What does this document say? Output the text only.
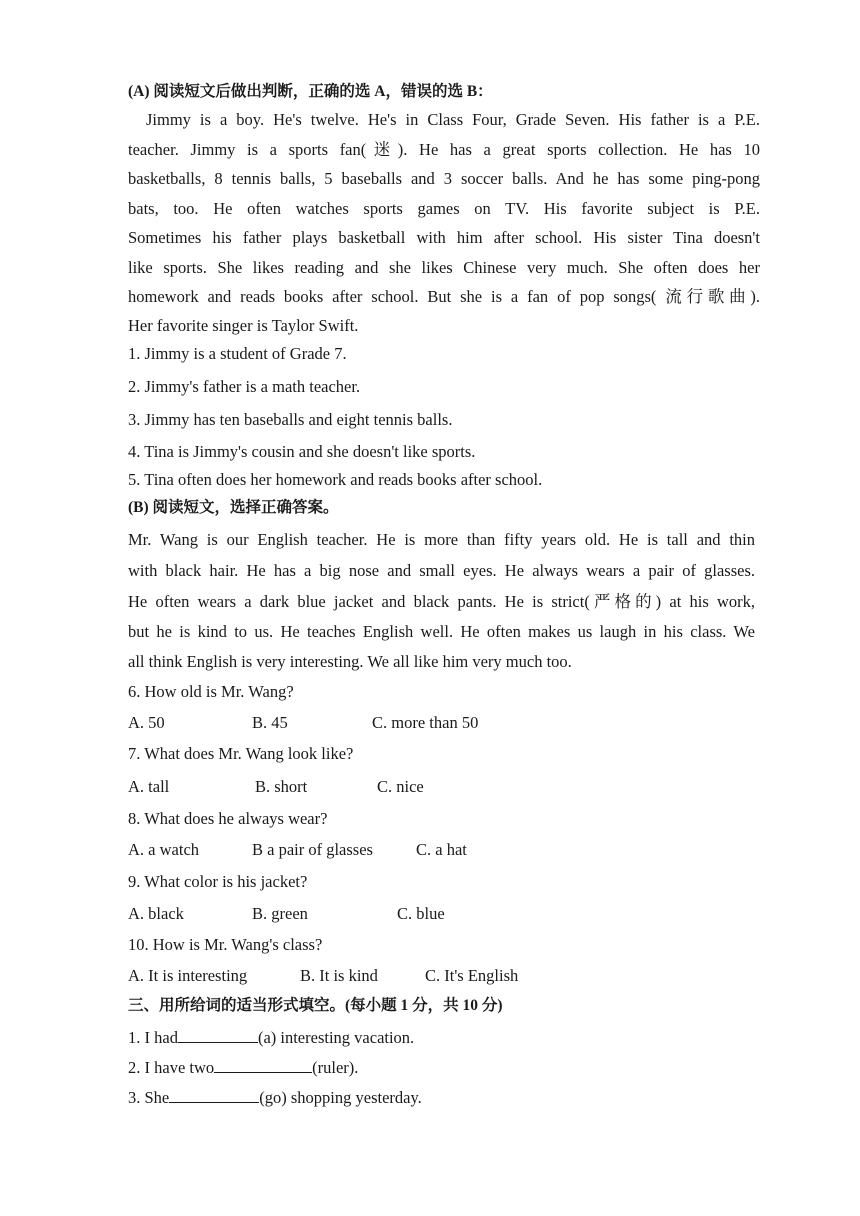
(A) 阅读短文后做出判断，正确的选 A，错误的选 B：
Jimmy is a boy. He's twelve. He's in Class Four, Grade Seven. His father is a P.E.
teacher. Jimmy is a sports fan(迷). He has a great sports collection. He has 10
basketballs, 8 tennis balls, 5 baseballs and 3 soccer balls. And he has some ping-pong
bats, too. He often watches sports games on TV. His favorite subject is P.E.
Sometimes his father plays basketball with him after school. His sister Tina doesn't
like sports. She likes reading and she likes Chinese very much. She often does her
homework and reads books after school. But she is a fan of pop songs( 流行歌曲).
Her favorite singer is Taylor Swift.
1. Jimmy is a student of Grade 7.
2. Jimmy's father is a math teacher.
3. Jimmy has ten baseballs and eight tennis balls.
4. Tina is Jimmy's cousin and she doesn't like sports.
5. Tina often does her homework and reads books after school.
(B) 阅读短文，选择正确答案。
Mr. Wang is our English teacher. He is more than fifty years old. He is tall and thin
with black hair. He has a big nose and small eyes. He always wears a pair of glasses.
He often wears a dark blue jacket and black pants. He is strict(严格的) at his work,
but he is kind to us. He teaches English well. He often makes us laugh in his class. We
all think English is very interesting. We all like him very much too.
6. How old is Mr. Wang?
A. 50	B. 45	C. more than 50
7. What does Mr. Wang look like?
A. tall	B. short	C. nice
8. What does he always wear?
A. a watch	B a pair of glasses	C. a hat
9. What color is his jacket?
A. black	B. green	C. blue
10. How is Mr. Wang's class?
A. It is interesting	B. It is kind	C. It's English
三、用所给词的适当形式填空。(每小题 1 分，共 10 分)
1. I had	(a) interesting vacation.
2. I have two	(ruler).
3. She	(go) shopping yesterday.
